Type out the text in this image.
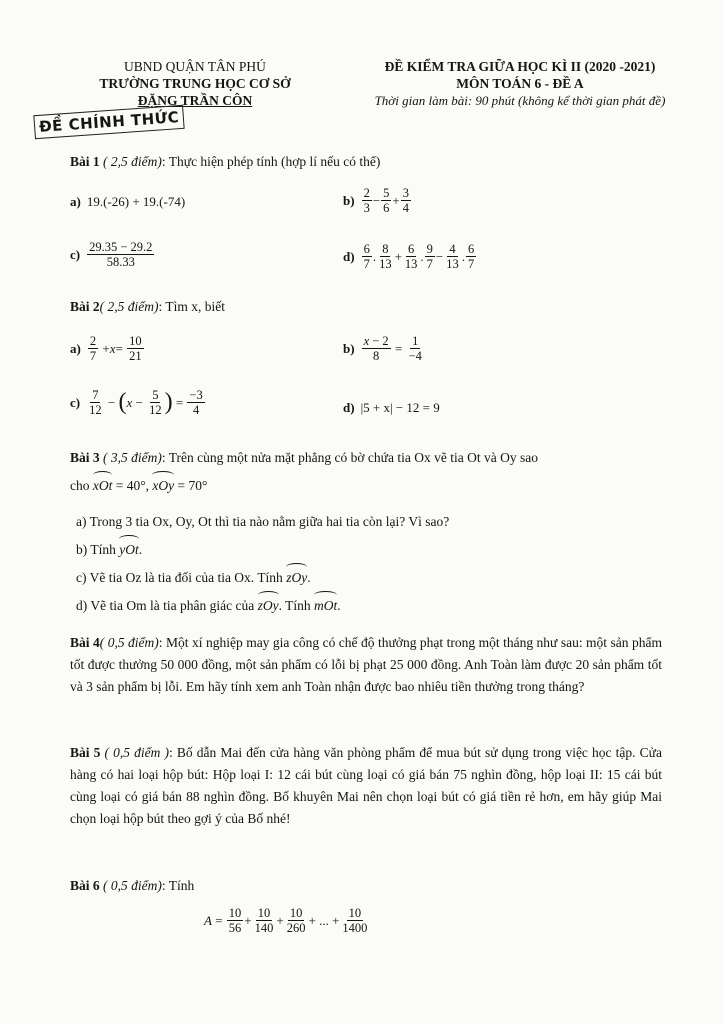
UBND QUẬN TÂN PHÚ
TRƯỜNG TRUNG HỌC CƠ SỞ
ĐẶNG TRẦN CÔN
ĐỀ KIỂM TRA GIỮA HỌC KÌ II (2020 -2021)
MÔN TOÁN 6 - ĐỀ A
Thời gian làm bài: 90 phút (không kể thời gian phát đề)
ĐỀ CHÍNH THỨC
Bài 1 ( 2,5 điểm): Thực hiện phép tính (hợp lí nếu có thể)
a) 19.(-26) + 19.(-74)	$b) \frac{2}{3} - \frac{5}{6} + \frac{3}{4}$
$c) \frac{29.35 - 29.2}{58.33}$	$d) \frac{6}{7}$ . $\frac{8}{13} + \frac{6}{13}$ . $\frac{9}{7} - \frac{4}{13}$ . $\frac{6}{7}$
Bài 2( 2,5 điểm): Tìm x, biết
$a) \frac{2}{7} + x = \frac{10}{21}$	$b) \frac{x - 2}{8} = \frac{1}{-4}$
$c) \frac{7}{12}$ − ( $x - \frac{5}{12}$ ) = $\frac{-3}{4}$	d) |5 + x| − 12 = 9
Bài 3 ( 3,5 điểm): Trên cùng một nửa mặt phẳng có bờ chứa tia Ox vẽ tia Ot và Oy sao
cho xOt = 40°, xOy = 70°
a) Trong 3 tia Ox, Oy, Ot thì tia nào nằm giữa hai tia còn lại? Vì sao?
b) Tính yOt.
c) Vẽ tia Oz là tia đối của tia Ox. Tính zOy.
d) Vẽ tia Om là tia phân giác của zOy. Tính mOt.
Bài 4( 0,5 điểm): Một xí nghiệp may gia công có chế độ thưởng phạt trong một tháng như sau: một sản phẩm tốt được thưởng 50 000 đồng, một sản phẩm có lỗi bị phạt 25 000 đồng. Anh Toàn làm được 20 sản phẩm tốt và 3 sản phẩm bị lỗi. Em hãy tính xem anh Toàn nhận được bao nhiêu tiền thưởng trong tháng?
Bài 5 ( 0,5 điểm ): Bố dẫn Mai đến cửa hàng văn phòng phẩm để mua bút sử dụng trong việc học tập. Cửa hàng có hai loại hộp bút: Hộp loại I: 12 cái bút cùng loại có giá bán 75 nghìn đồng, hộp loại II: 15 cái bút cùng loại có giá bán 88 nghìn đồng. Bố khuyên Mai nên chọn loại bút có giá tiền rẻ hơn, em hãy giúp Mai chọn loại hộp bút theo gợi ý của Bố nhé!
Bài 6 ( 0,5 điểm): Tính
$A = \frac{10}{56} + \frac{10}{140} + \frac{10}{260}$ + ... + $\frac{10}{1400}$
